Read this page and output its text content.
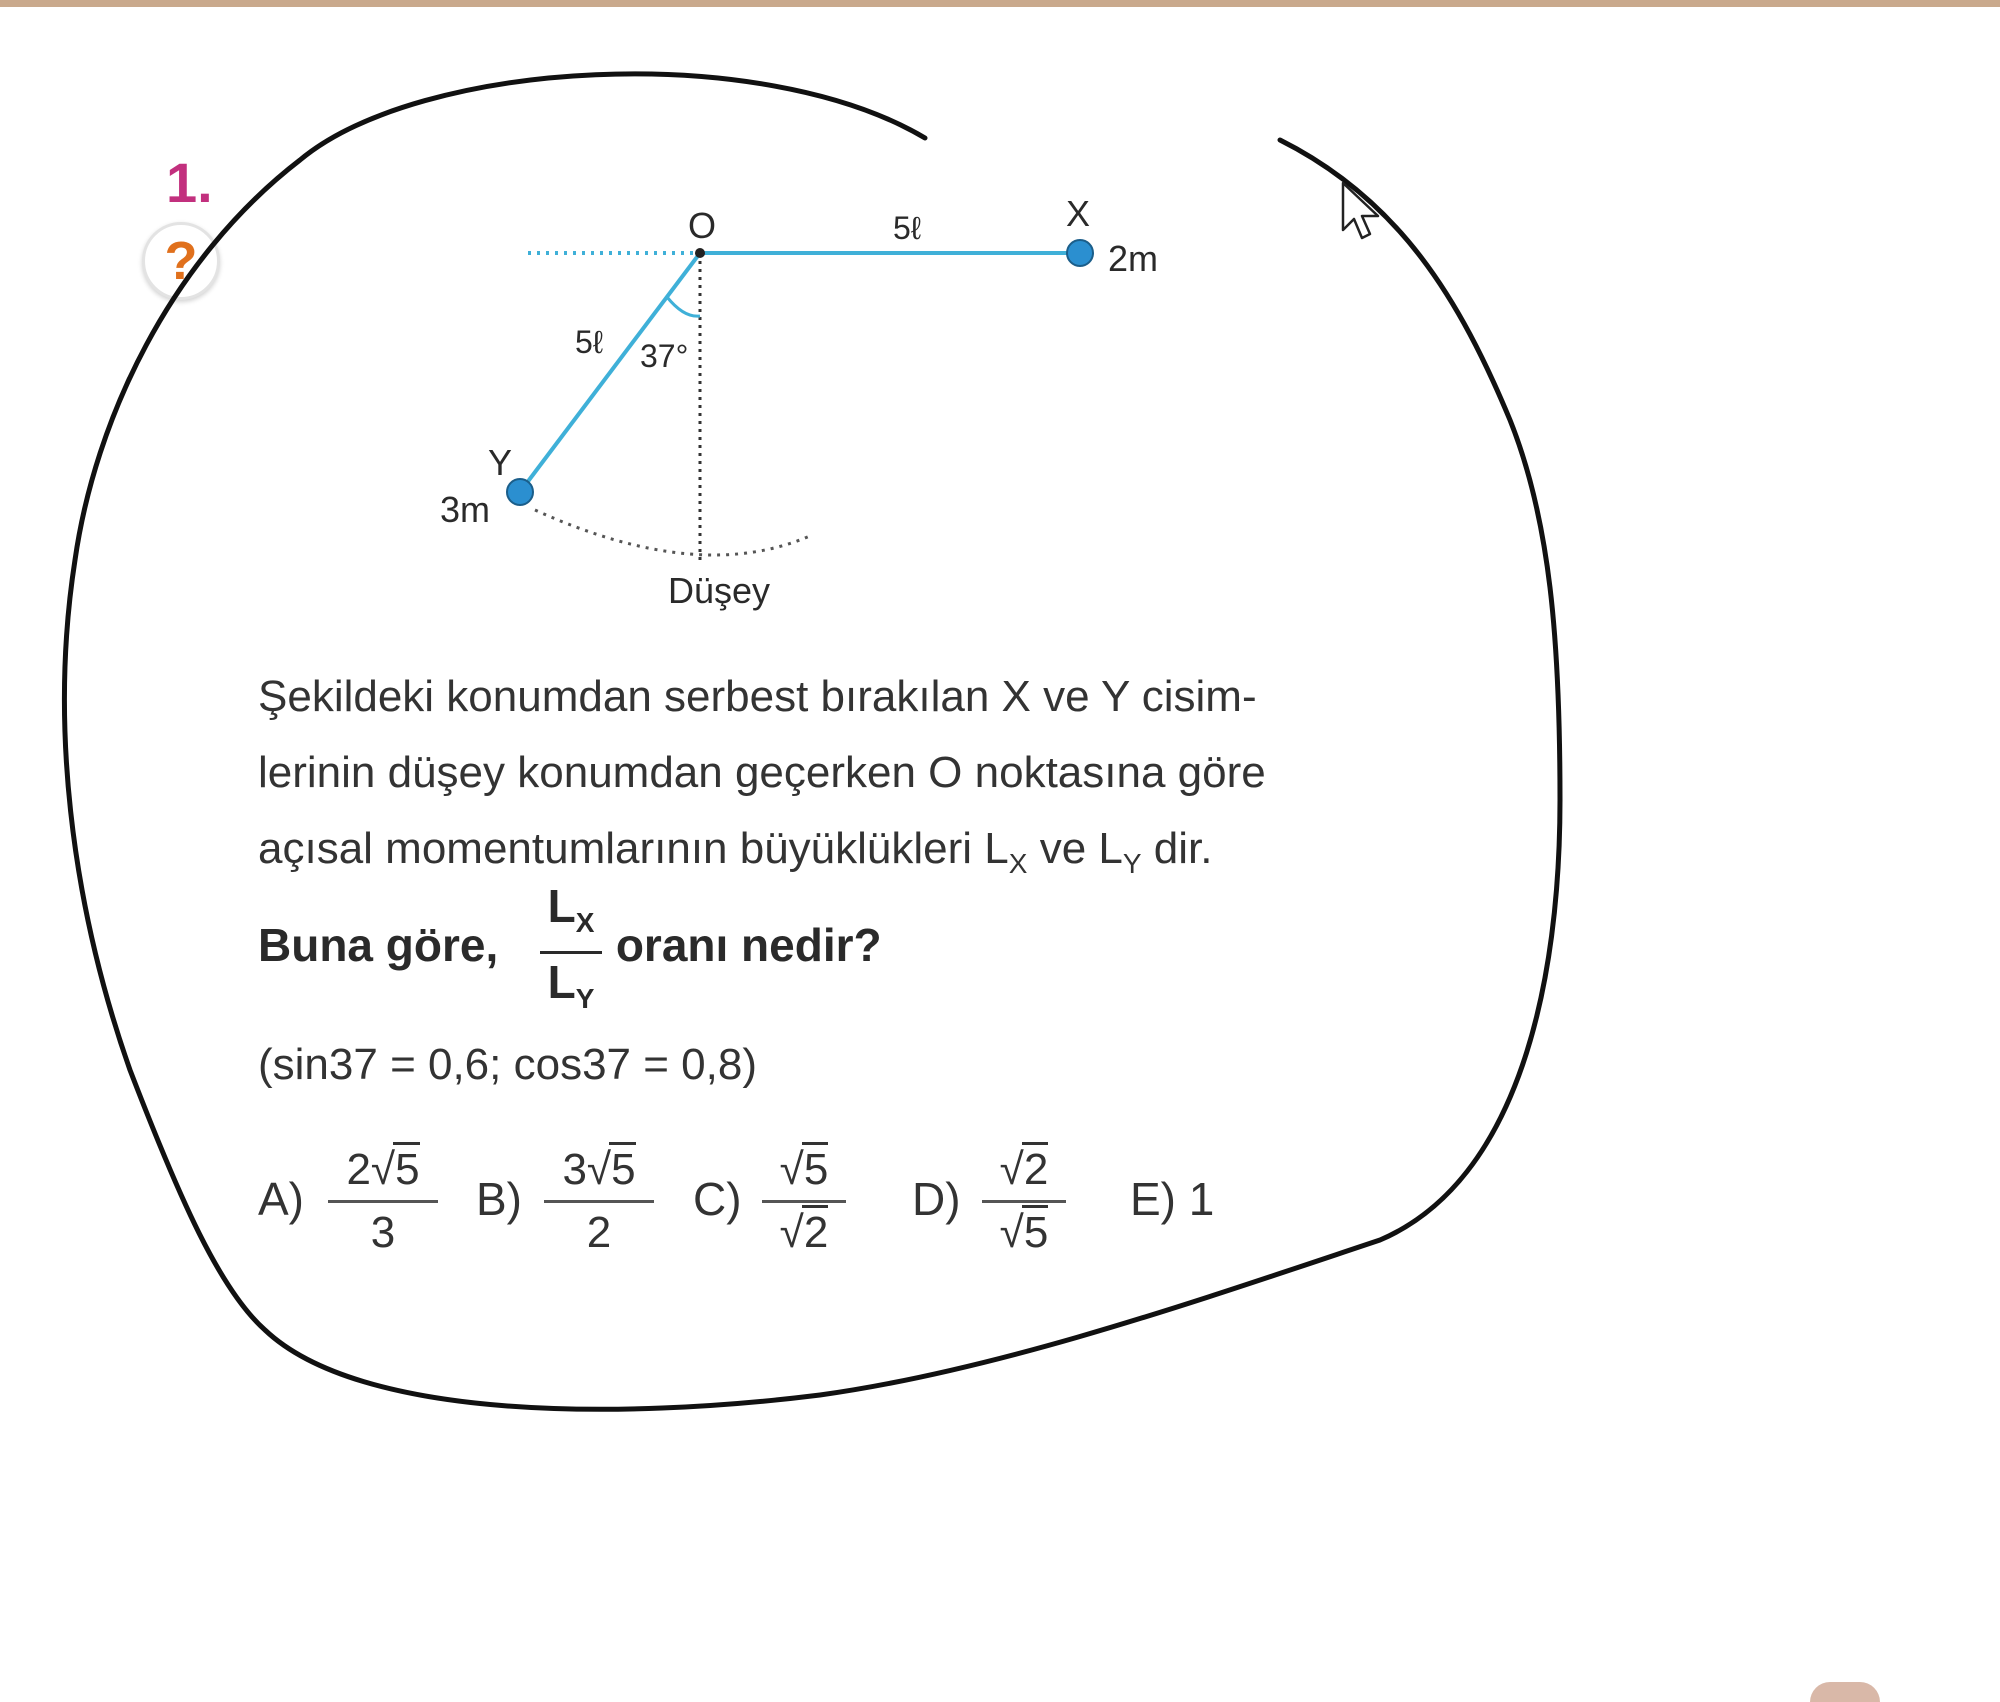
1.
?
O	X
Y
5ℓ
5ℓ 37°
2m
3m
Düşey
Şekildeki konumdan serbest bırakılan X ve Y cisim-
lerinin düşey konumdan geçerken O noktasına göre
açısal momentumlarının büyüklükleri $L_X$ ve $L_Y$ dir.
Buna göre,	oranı nedir?
$L_X$
$L_Y$
(sin37 = 0,6; cos37 = 0,8)
A)
2√5
3
B)
3√5
2
C)
√5
√2
D)
√2
√5
E) 1
